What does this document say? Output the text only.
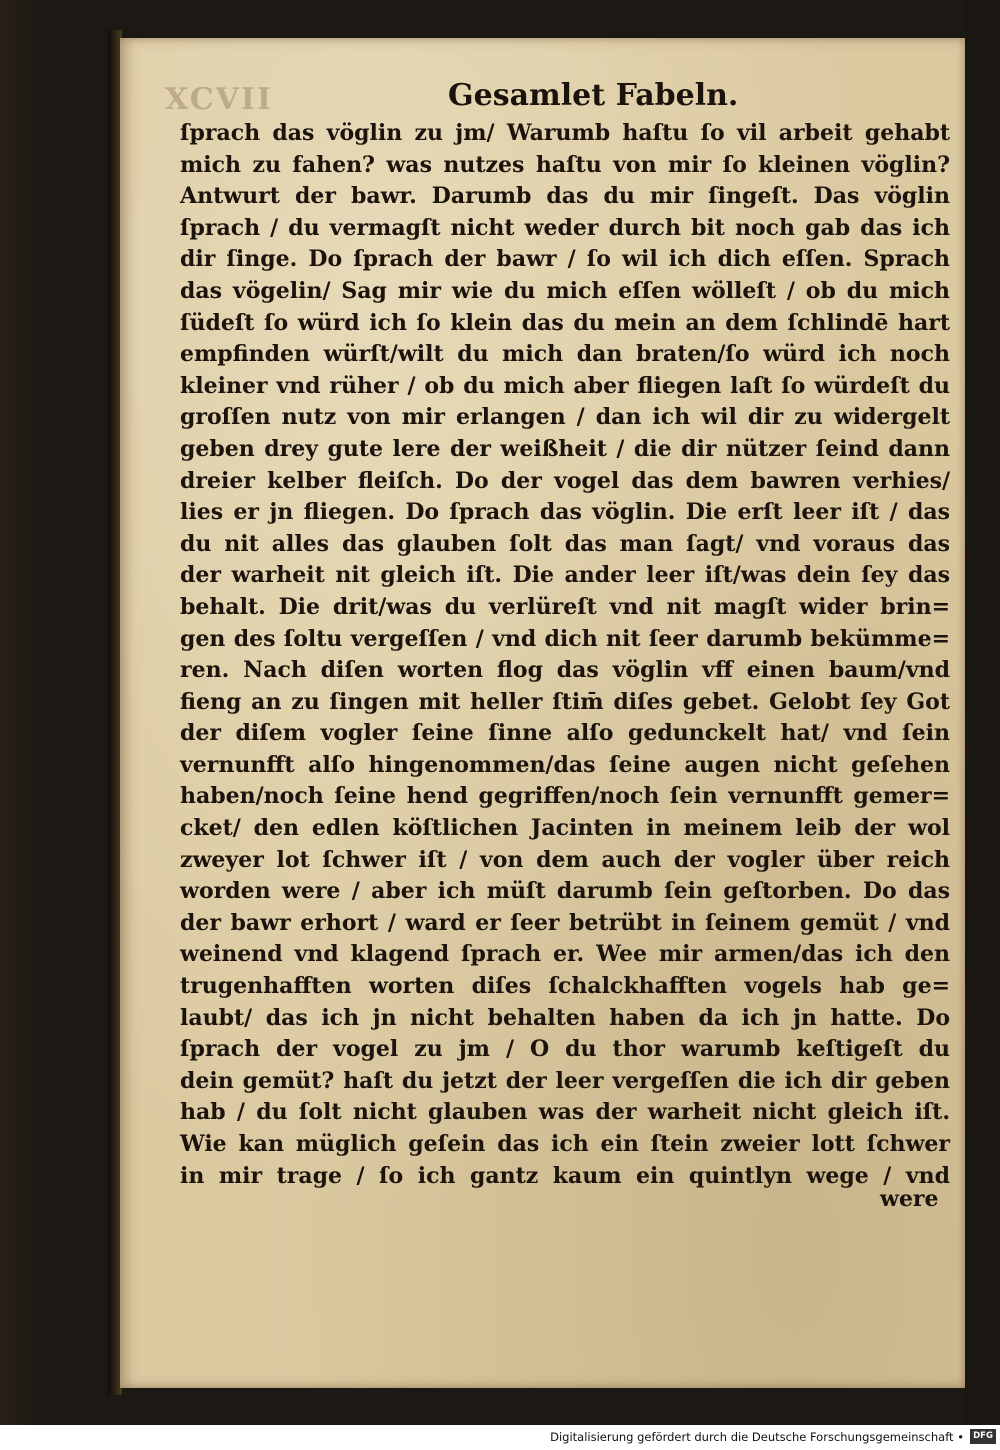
XCVII	Gesamlet Fabeln.
ſprach das vöglin zu jm/ Warumb haſtu ſo vil arbeit gehabt
mich zu fahen? was nutzes haſtu von mir ſo kleinen vöglin?
Antwurt der bawr. Darumb das du mir ſingeſt. Das vöglin
ſprach / du vermagſt nicht weder durch bit noch gab das ich
dir ſinge. Do ſprach der bawr / ſo wil ich dich eſſen. Sprach
das vögelin/ Sag mir wie du mich eſſen wölleſt / ob du mich
ſüdeſt ſo würd ich ſo klein das du mein an dem ſchlindē hart
empfinden würſt/wilt du mich dan braten/ſo würd ich noch
kleiner vnd rüher / ob du mich aber fliegen laſt ſo würdeſt du
groſſen nutz von mir erlangen / dan ich wil dir zu widergelt
geben drey gute lere der weißheit / die dir nützer ſeind dann
dreier kelber fleiſch. Do der vogel das dem bawren verhies/
lies er jn fliegen. Do ſprach das vöglin. Die erſt leer iſt / das
du nit alles das glauben ſolt das man ſagt/ vnd voraus das
der warheit nit gleich iſt. Die ander leer iſt/was dein ſey das
behalt. Die drit/was du verlüreſt vnd nit magſt wider brin=
gen des ſoltu vergeſſen / vnd dich nit ſeer darumb bekümme=
ren. Nach diſen worten flog das vöglin vff einen baum/vnd
fieng an zu ſingen mit heller ſtim̄ diſes gebet. Gelobt ſey Got
der diſem vogler ſeine ſinne alſo gedunckelt hat/ vnd ſein
vernunfft alſo hingenommen/das ſeine augen nicht geſehen
haben/noch ſeine hend gegriffen/noch ſein vernunfft gemer=
cket/ den edlen köſtlichen Jacinten in meinem leib der wol
zweyer lot ſchwer iſt / von dem auch der vogler über reich
worden were / aber ich müſt darumb ſein geſtorben. Do das
der bawr erhort / ward er ſeer betrübt in ſeinem gemüt / vnd
weinend vnd klagend ſprach er. Wee mir armen/das ich den
trugenhafften worten diſes ſchalckhafften vogels hab ge=
laubt/ das ich jn nicht behalten haben da ich jn hatte. Do
ſprach der vogel zu jm / O du thor warumb keſtigeſt du
dein gemüt? haſt du jetzt der leer vergeſſen die ich dir geben
hab / du ſolt nicht glauben was der warheit nicht gleich iſt.
Wie kan müglich geſein das ich ein ſtein zweier lott ſchwer
in mir trage / ſo ich gantz kaum ein quintlyn wege / vnd
were
Digitalisierung gefördert durch die Deutsche Forschungsgemeinschaft •	DFG
